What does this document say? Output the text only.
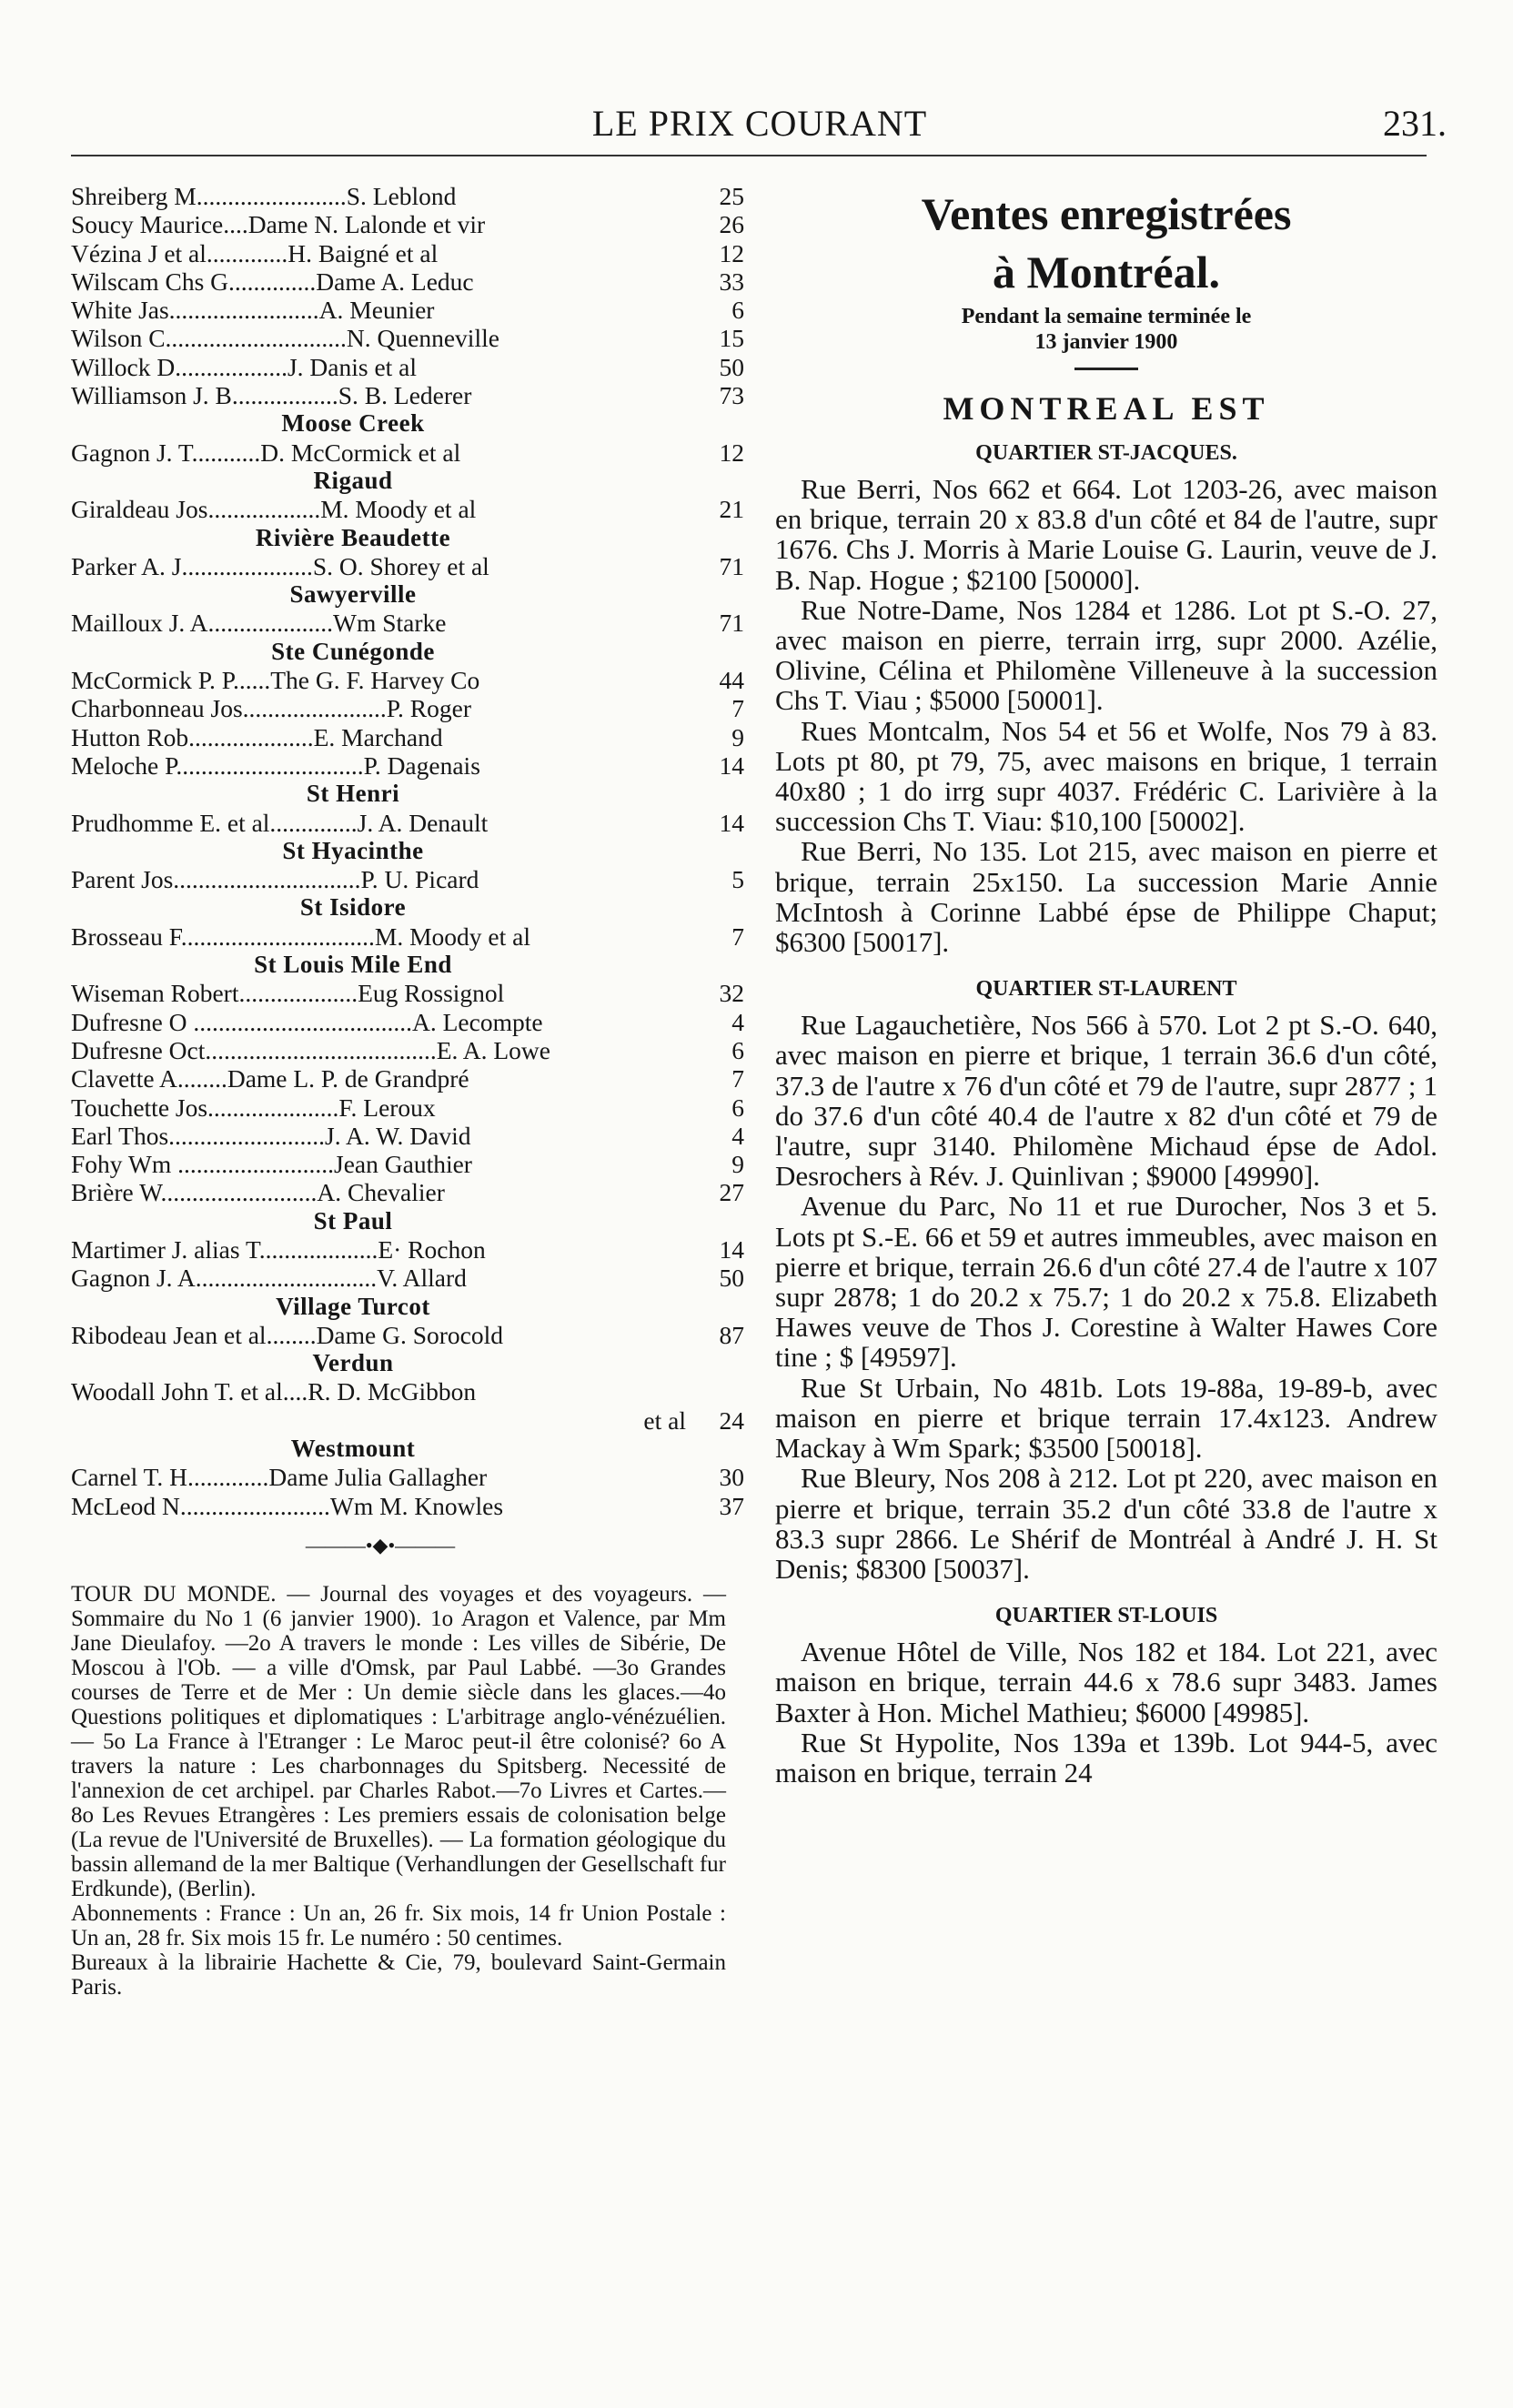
LE PRIX COURANT	231.
Shreiberg M........................S. Leblond	25
Soucy Maurice....Dame N. Lalonde et vir	26
Vézina J et al.............H. Baigné et al	12
Wilscam Chs G..............Dame A. Leduc	33
White Jas........................A. Meunier	6
Wilson C.............................N. Quenneville	15
Willock D..................J. Danis et al	50
Williamson J. B.................S. B. Lederer	73
Moose Creek
Gagnon J. T...........D. McCormick et al	12
Rigaud
Giraldeau Jos..................M. Moody et al	21
Rivière Beaudette
Parker A. J.....................S. O. Shorey et al	71
Sawyerville
Mailloux J. A....................Wm Starke	71
Ste Cunégonde
McCormick P. P......The G. F. Harvey Co	44
Charbonneau Jos.......................P. Roger	7
Hutton Rob....................E. Marchand	9
Meloche P..............................P. Dagenais	14
St Henri
Prudhomme E. et al..............J. A. Denault	14
St Hyacinthe
Parent Jos..............................P. U. Picard	5
St Isidore
Brosseau F...............................M. Moody et al	7
St Louis Mile End
Wiseman Robert...................Eug Rossignol	32
Dufresne O ...................................A. Lecompte	4
Dufresne Oct.....................................E. A. Lowe	6
Clavette A........Dame L. P. de Grandpré	7
Touchette Jos.....................F. Leroux	6
Earl Thos.........................J. A. W. David	4
Fohy Wm .........................Jean Gauthier	9
Brière W.........................A. Chevalier	27
St Paul
Martimer J. alias T...................E· Rochon	14
Gagnon J. A.............................V. Allard	50
Village Turcot
Ribodeau Jean et al........Dame G. Sorocold	87
Verdun
Woodall John T. et al....R. D. McGibbon
et al	24
Westmount
Carnel T. H.............Dame Julia Gallagher	30
McLeod N........................Wm M. Knowles	37
———•◆•———

TOUR DU MONDE. — Journal des voyages et des voyageurs. — Sommaire du No 1 (6 janvier 1900). 1o Aragon et Valence, par Mm Jane Dieulafoy. —2o A travers le monde : Les villes de Sibérie, De Moscou à l'Ob. — a ville d'Omsk, par Paul Labbé. —3o Grandes courses de Terre et de Mer : Un demie siècle dans les glaces.—4o Questions politiques et diplomatiques : L'arbitrage anglo-vénézuélien. — 5o La France à l'Etranger : Le Maroc peut-il être colonisé? 6o A travers la nature : Les charbonnages du Spitsberg. Necessité de l'annexion de cet archipel. par Charles Rabot.—7o Livres et Cartes.—8o Les Revues Etrangères : Les premiers essais de colonisation belge (La revue de l'Université de Bruxelles). — La formation géologique du bassin allemand de la mer Baltique (Verhandlungen der Gesellschaft fur Erdkunde), (Berlin).

Abonnements : France : Un an, 26 fr. Six mois, 14 fr Union Postale : Un an, 28 fr. Six mois 15 fr. Le numéro : 50 centimes.

Bureaux à la librairie Hachette & Cie, 79, boulevard Saint-Germain Paris.

Ventes enregistrées
à Montréal.
Pendant la semaine terminée le
13 janvier 1900
MONTREAL EST
QUARTIER ST-JACQUES.

Rue Berri, Nos 662 et 664. Lot 1203-26, avec maison en brique, terrain 20 x 83.8 d'un côté et 84 de l'autre, supr 1676. Chs J. Morris à Marie Louise G. Laurin, veuve de J. B. Nap. Hogue ; $2100 [50000].

Rue Notre-Dame, Nos 1284 et 1286. Lot pt S.-O. 27, avec maison en pierre, terrain irrg, supr 2000. Azélie, Olivine, Célina et Philomène Villeneuve à la succession Chs T. Viau ; $5000 [50001].

Rues Montcalm, Nos 54 et 56 et Wolfe, Nos 79 à 83. Lots pt 80, pt 79, 75, avec maisons en brique, 1 terrain 40x80 ; 1 do irrg supr 4037. Frédéric C. Larivière à la succession Chs T. Viau: $10,100 [50002].

Rue Berri, No 135. Lot 215, avec maison en pierre et brique, terrain 25x150. La succession Marie Annie McIntosh à Corinne Labbé épse de Philippe Chaput; $6300 [50017].

QUARTIER ST-LAURENT

Rue Lagauchetière, Nos 566 à 570. Lot 2 pt S.-O. 640, avec maison en pierre et brique, 1 terrain 36.6 d'un côté, 37.3 de l'autre x 76 d'un côté et 79 de l'autre, supr 2877 ; 1 do 37.6 d'un côté 40.4 de l'autre x 82 d'un côté et 79 de l'autre, supr 3140. Philomène Michaud épse de Adol. Desrochers à Rév. J. Quinlivan ; $9000 [49990].

Avenue du Parc, No 11 et rue Durocher, Nos 3 et 5. Lots pt S.-E. 66 et 59 et autres immeubles, avec maison en pierre et brique, terrain 26.6 d'un côté 27.4 de l'autre x 107 supr 2878; 1 do 20.2 x 75.7; 1 do 20.2 x 75.8. Elizabeth Hawes veuve de Thos J. Corestine à Walter Hawes Core tine ; $ [49597].

Rue St Urbain, No 481b. Lots 19-88a, 19-89-b, avec maison en pierre et brique terrain 17.4x123. Andrew Mackay à Wm Spark; $3500 [50018].

Rue Bleury, Nos 208 à 212. Lot pt 220, avec maison en pierre et brique, terrain 35.2 d'un côté 33.8 de l'autre x 83.3 supr 2866. Le Shérif de Montréal à André J. H. St Denis; $8300 [50037].

QUARTIER ST-LOUIS

Avenue Hôtel de Ville, Nos 182 et 184. Lot 221, avec maison en brique, terrain 44.6 x 78.6 supr 3483. James Baxter à Hon. Michel Mathieu; $6000 [49985].

Rue St Hypolite, Nos 139a et 139b. Lot 944-5, avec maison en brique, terrain 24
